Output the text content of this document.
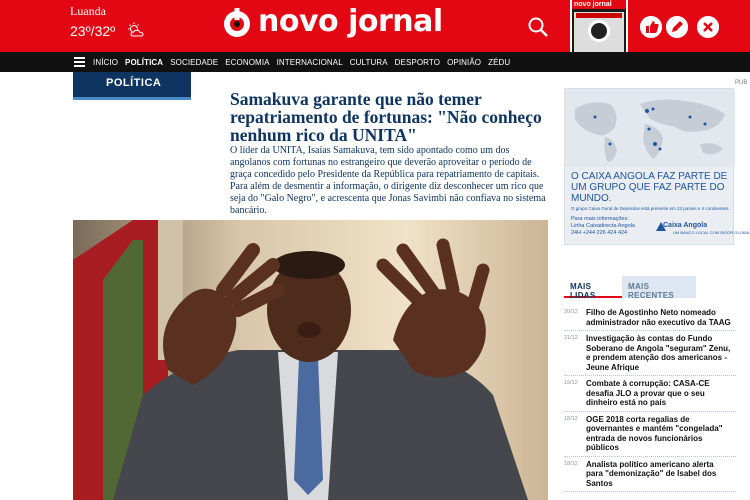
Luanda
23º/32º	novo jornal	novo jornal
INÍCIO POLÍTICA SOCIEDADE ECONOMIA INTERNACIONAL CULTURA DESPORTO OPINIÃO ZÉDU
POLÍTICA
Samakuva garante que não temer repatriamento de fortunas: "Não conheço nenhum rico da UNITA"

O líder da UNITA, Isaías Samakuva, tem sido apontado como um dos angolanos com fortunas no estrangeiro que deverão aproveitar o período de graça concedido pelo Presidente da República para repatriamento de capitais. Para além de desmentir a informação, o dirigente diz desconhecer um rico que seja do "Galo Negro", e acrescenta que Jonas Savimbi não confiava no sistema bancário.

PUB
O CAIXA ANGOLA FAZ PARTE DE UM GRUPO QUE FAZ PARTE DO MUNDO.
O grupo Caixa Geral de Depósitos está presente em 23 países e 4 continentes.
Para mais informações:
Linha Caixadirecta Angola
24H +244 226 424 424
Caixa Angola
UM BANCO LOCAL COM RIGOR GLOBAL
MAIS LIDAS
MAIS RECENTES
20/12	Filho de Agostinho Neto nomeado administrador não executivo da TAAG
21/12	Investigação às contas do Fundo Soberano de Angola "seguram" Zenu, e prendem atenção dos americanos - Jeune Afrique
19/12	Combate à corrupção: CASA-CE desafia JLO a provar que o seu dinheiro está no país
18/12	OGE 2018 corta regalias de governantes e mantém "congelada" entrada de novos funcionários públicos
18/12	Analista político americano alerta para "demonização" de Isabel dos Santos
